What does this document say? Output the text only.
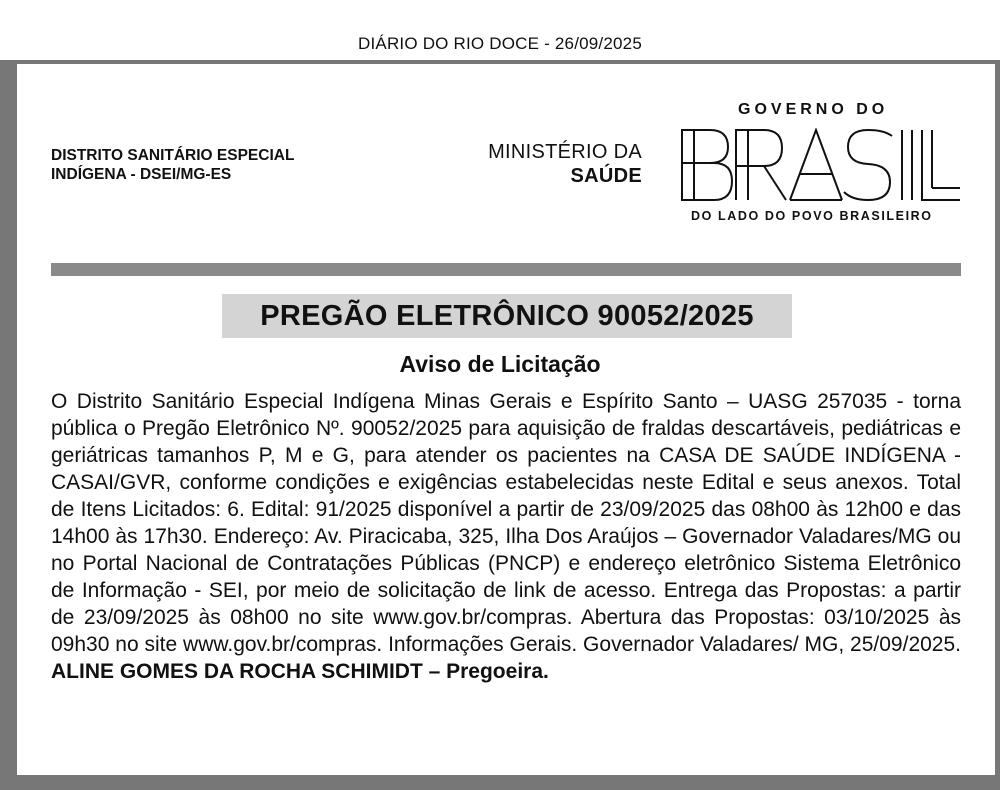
DIÁRIO DO RIO DOCE - 26/09/2025
DISTRITO SANITÁRIO ESPECIAL
INDÍGENA - DSEI/MG-ES
MINISTÉRIO DA
SAÚDE
GOVERNO DO
DO LADO DO POVO BRASILEIRO
PREGÃO ELETRÔNICO 90052/2025
Aviso de Licitação
O Distrito Sanitário Especial Indígena Minas Gerais e Espírito Santo – UASG 257035 - torna pública o Pregão Eletrônico Nº. 90052/2025 para aquisição de fraldas descartáveis, pediátricas e geriátricas tamanhos P, M e G, para atender os pacientes na CASA DE SAÚDE INDÍGENA - CASAI/GVR, conforme condições e exigências estabelecidas neste Edital e seus anexos. Total de Itens Licitados: 6. Edital: 91/2025 disponível a partir de 23/09/2025 das 08h00 às 12h00 e das 14h00 às 17h30. Endereço: Av. Piracicaba, 325, Ilha Dos Araújos – Governador Valadares/MG ou no Portal Nacional de Contratações Públicas (PNCP) e endereço eletrônico Sistema Eletrônico de Informação - SEI, por meio de solicitação de link de acesso. Entrega das Propostas: a partir de 23/09/2025 às 08h00 no site www.gov.br/compras. Abertura das Propostas: 03/10/2025 às 09h30 no site www.gov.br/compras. Informações Gerais. Governador Valadares/ MG, 25/09/2025. ALINE GOMES DA ROCHA SCHIMIDT – Pregoeira.
